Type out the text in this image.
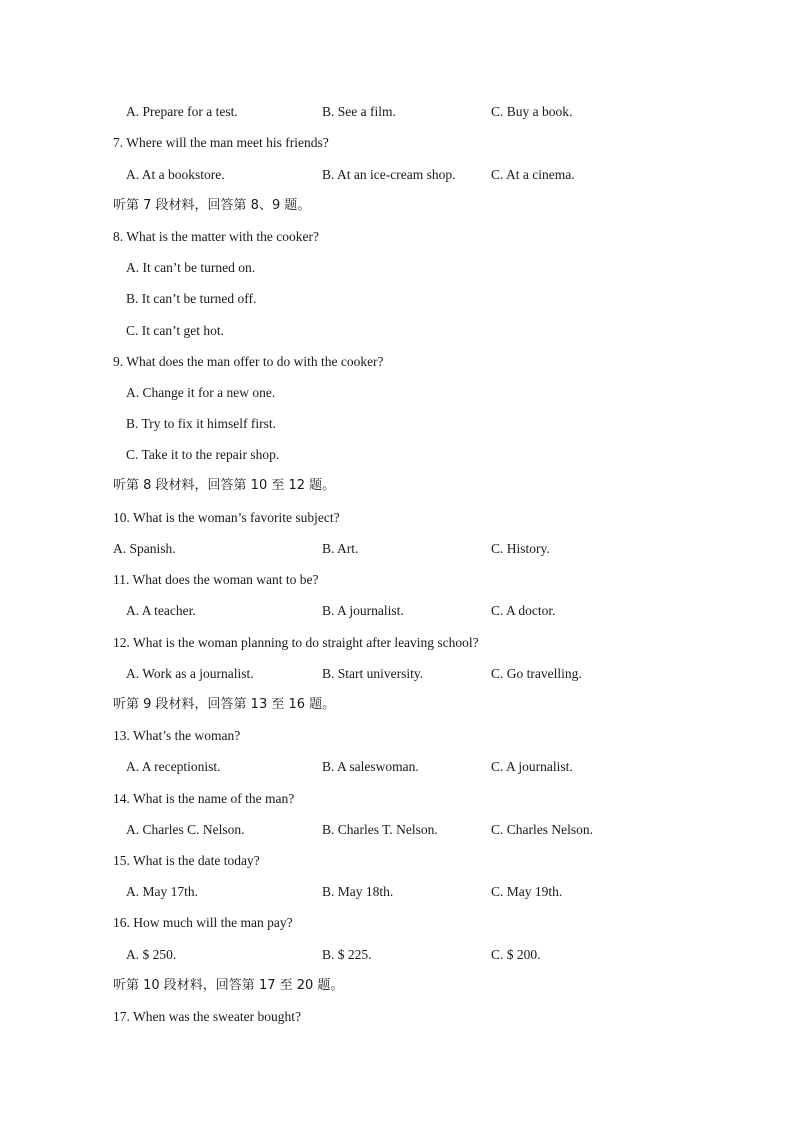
A. Prepare for a test.	B. See a film.	C. Buy a book.
7. Where will the man meet his friends?
A. At a bookstore.	B. At an ice-cream shop.	C. At a cinema.
听第 7 段材料，回答第 8、9 题。
8. What is the matter with the cooker?
A. It can’t be turned on.
B. It can’t be turned off.
C. It can’t get hot.
9. What does the man offer to do with the cooker?
A. Change it for a new one.
B. Try to fix it himself first.
C. Take it to the repair shop.
听第 8 段材料，回答第 10 至 12 题。
10. What is the woman’s favorite subject?
A. Spanish.	B. Art.	C. History.
11. What does the woman want to be?
A. A teacher.	B. A journalist.	C. A doctor.
12. What is the woman planning to do straight after leaving school?
A. Work as a journalist.	B. Start university.	C. Go travelling.
听第 9 段材料，回答第 13 至 16 题。
13. What’s the woman?
A. A receptionist.	B. A saleswoman.	C. A journalist.
14. What is the name of the man?
A. Charles C. Nelson.	B. Charles T. Nelson.	C. Charles Nelson.
15. What is the date today?
A. May 17th.	B. May 18th.	C. May 19th.
16. How much will the man pay?
A. $ 250.	B. $ 225.	C. $ 200.
听第 10 段材料，回答第 17 至 20 题。
17. When was the sweater bought?
